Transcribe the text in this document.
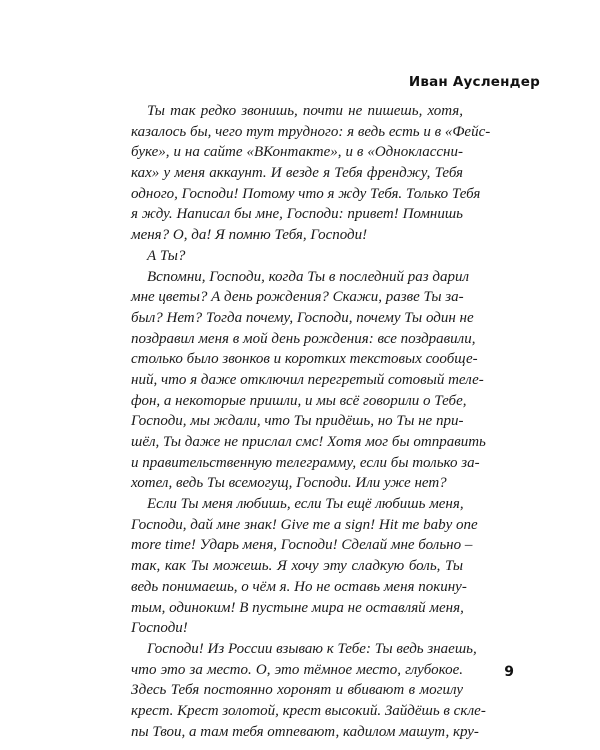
Иван Ауслендер
Ты так редко звонишь, почти не пишешь, хотя,
казалось бы, чего тут трудного: я ведь есть и в «Фейс-
буке», и на сайте «ВКонтакте», и в «Одноклассни-
ках» у меня аккаунт. И везде я Тебя френджу, Тебя
одного, Господи! Потому что я жду Тебя. Только Тебя
я жду. Написал бы мне, Господи: привет! Помнишь
меня? О, да! Я помню Тебя, Господи!
А Ты?
Вспомни, Господи, когда Ты в последний раз дарил
мне цветы? А день рождения? Скажи, разве Ты за-
был? Нет? Тогда почему, Господи, почему Ты один не
поздравил меня в мой день рождения: все поздравили,
столько было звонков и коротких текстовых сообще-
ний, что я даже отключил перегретый сотовый теле-
фон, а некоторые пришли, и мы всё говорили о Тебе,
Господи, мы ждали, что Ты придёшь, но Ты не при-
шёл, Ты даже не прислал смс! Хотя мог бы отправить
и правительственную телеграмму, если бы только за-
хотел, ведь Ты всемогущ, Господи. Или уже нет?
Если Ты меня любишь, если Ты ещё любишь меня,
Господи, дай мне знак! Give me a sign! Hit me baby one
more time! Ударь меня, Господи! Сделай мне больно –
так, как Ты можешь. Я хочу эту сладкую боль, Ты
ведь понимаешь, о чём я. Но не оставь меня покину-
тым, одиноким! В пустыне мира не оставляй меня,
Господи!
Господи! Из России взываю к Тебе: Ты ведь знаешь,
что это за место. О, это тёмное место, глубокое.
Здесь Тебя постоянно хоронят и вбивают в могилу
крест. Крест золотой, крест высокий. Зайдёшь в склe-
пы Твои, а там тебя отпевают, кадилом машут, кру-
9
